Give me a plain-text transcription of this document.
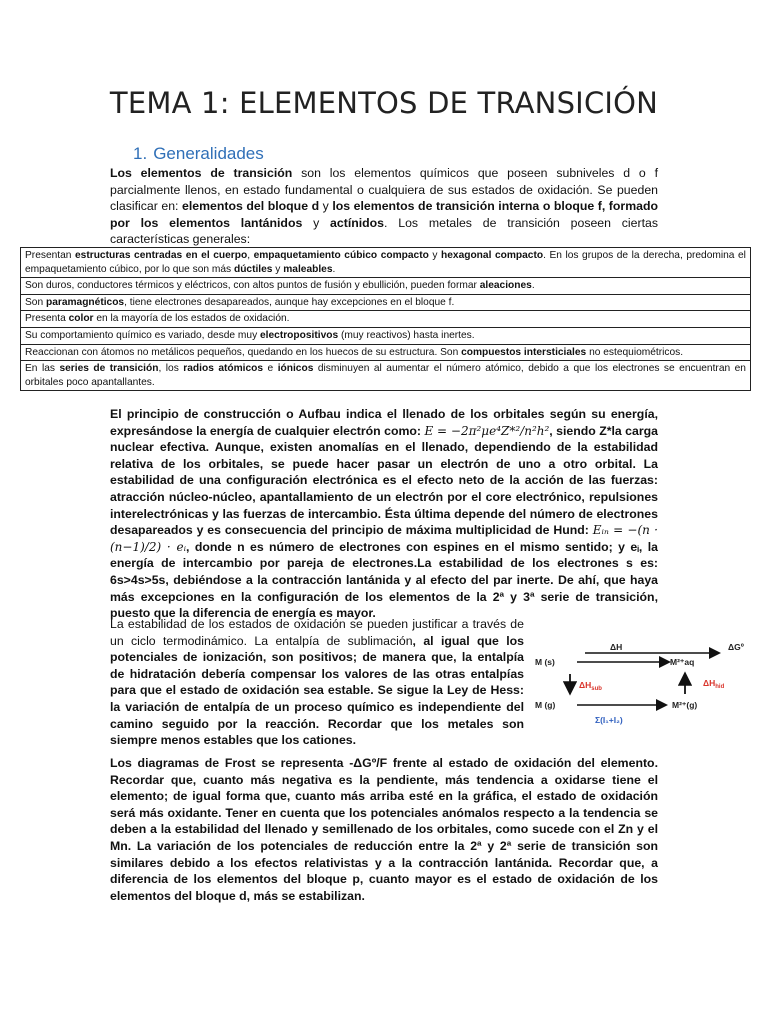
TEMA 1: ELEMENTOS DE TRANSICIÓN
1. Generalidades
Los elementos de transición son los elementos químicos que poseen subniveles d o f parcialmente llenos, en estado fundamental o cualquiera de sus estados de oxidación. Se pueden clasificar en: elementos del bloque d y los elementos de transición interna o bloque f, formado por los elementos lantánidos y actínidos. Los metales de transición poseen ciertas características generales:
Presentan estructuras centradas en el cuerpo, empaquetamiento cúbico compacto y hexagonal compacto. En los grupos de la derecha, predomina el empaquetamiento cúbico, por lo que son más dúctiles y maleables.
Son duros, conductores térmicos y eléctricos, con altos puntos de fusión y ebullición, pueden formar aleaciones.
Son paramagnéticos, tiene electrones desapareados, aunque hay excepciones en el bloque f.
Presenta color en la mayoría de los estados de oxidación.
Su comportamiento químico es variado, desde muy electropositivos (muy reactivos) hasta inertes.
Reaccionan con átomos no metálicos pequeños, quedando en los huecos de su estructura. Son compuestos intersticiales no estequiométricos.
En las series de transición, los radios atómicos e iónicos disminuyen al aumentar el número atómico, debido a que los electrones se encuentran en orbitales poco apantallantes.
El principio de construcción o Aufbau indica el llenado de los orbitales según su energía, expresándose la energía de cualquier electrón como: E = −2π²μe⁴Z*²/n²h², siendo Z*la carga nuclear efectiva. Aunque, existen anomalías en el llenado, dependiendo de la estabilidad relativa de los orbitales, se puede hacer pasar un electrón de uno a otro orbital. La estabilidad de una configuración electrónica es el efecto neto de la acción de las fuerzas: atracción núcleo-núcleo, apantallamiento de un electrón por el core electrónico, repulsiones interelectrónicas y las fuerzas de intercambio. Ésta última depende del número de electrones desapareados y es consecuencia del principio de máxima multiplicidad de Hund: Eᵢₙ = −(n · (n−1)/2) · eᵢ, donde n es número de electrones con espines en el mismo sentido; y eᵢ, la energía de intercambio por pareja de electrones.La estabilidad de los electrones s es: 6s>4s>5s, debiéndose a la contracción lantánida y al efecto del par inerte. De ahí, que haya más excepciones en la configuración de los elementos de la 2ª y 3ª serie de transición, puesto que la diferencia de energía es mayor.
La estabilidad de los estados de oxidación se pueden justificar a través de un ciclo termodinámico. La entalpía de sublimación, al igual que los potenciales de ionización, son positivos; de manera que, la entalpía de hidratación debería compensar los valores de las otras entalpías para que el estado de oxidación sea estable. Se sigue la Ley de Hess: la variación de entalpía de un proceso químico es independiente del camino seguido por la reacción. Recordar que los metales son siempre menos estables que los cationes.
ΔH	ΔGº
M (s)	M²⁺aq
$\Delta H_{sub}$
$\Delta H_{hid}$
M (g)	M²⁺(g)
Σ(I₁+I₂)
Los diagramas de Frost se representa -ΔGº/F frente al estado de oxidación del elemento. Recordar que, cuanto más negativa es la pendiente, más tendencia a oxidarse tiene el elemento; de igual forma que, cuanto más arriba esté en la gráfica, el estado de oxidación será más oxidante. Tener en cuenta que los potenciales anómalos respecto a la tendencia se deben a la estabilidad del llenado y semillenado de los orbitales, como sucede con el Zn y el Mn. La variación de los potenciales de reducción entre la 2ª y 2ª serie de transición son similares debido a los efectos relativistas y a la contracción lantánida. Recordar que, a diferencia de los elementos del bloque p, cuanto mayor es el estado de oxidación de los elementos del bloque d, más se estabilizan.
